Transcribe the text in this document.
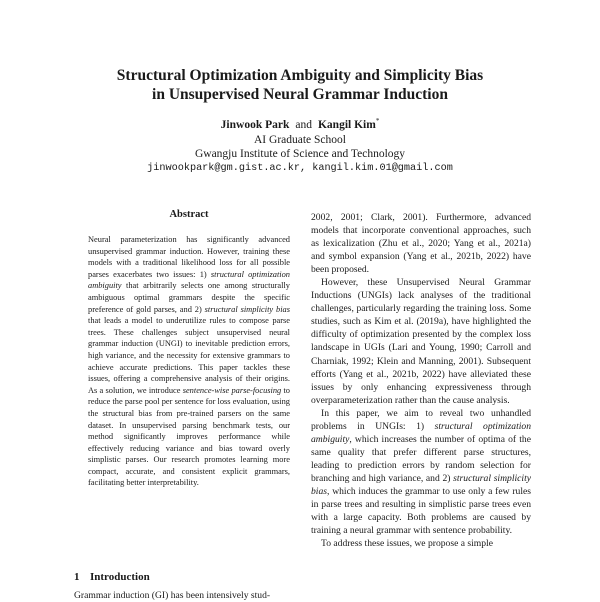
Structural Optimization Ambiguity and Simplicity Bias
in Unsupervised Neural Grammar Induction
Jinwook Park and Kangil Kim*
AI Graduate School
Gwangju Institute of Science and Technology
jinwookpark@gm.gist.ac.kr, kangil.kim.01@gmail.com
Abstract

Neural parameterization has significantly advanced unsupervised grammar induction. However, training these models with a traditional likelihood loss for all possible parses exacerbates two issues: 1) structural optimization ambiguity that arbitrarily selects one among structurally ambiguous optimal grammars despite the specific preference of gold parses, and 2) structural simplicity bias that leads a model to underutilize rules to compose parse trees. These challenges subject unsupervised neural grammar induction (UNGI) to inevitable prediction errors, high variance, and the necessity for extensive grammars to achieve accurate predictions. This paper tackles these issues, offering a comprehensive analysis of their origins. As a solution, we introduce sentence-wise parse-focusing to reduce the parse pool per sentence for loss evaluation, using the structural bias from pre-trained parsers on the same dataset. In unsupervised parsing benchmark tests, our method significantly improves performance while effectively reducing variance and bias toward overly simplistic parses. Our research promotes learning more compact, accurate, and consistent explicit grammars, facilitating better interpretability.

1 Introduction
Grammar induction (GI) has been intensively stud-

2002, 2001; Clark, 2001). Furthermore, advanced models that incorporate conventional approaches, such as lexicalization (Zhu et al., 2020; Yang et al., 2021a) and symbol expansion (Yang et al., 2021b, 2022) have been proposed.

However, these Unsupervised Neural Grammar Inductions (UNGIs) lack analyses of the traditional challenges, particularly regarding the training loss. Some studies, such as Kim et al. (2019a), have highlighted the difficulty of optimization presented by the complex loss landscape in UGIs (Lari and Young, 1990; Carroll and Charniak, 1992; Klein and Manning, 2001). Subsequent efforts (Yang et al., 2021b, 2022) have alleviated these issues by only enhancing expressiveness through overparameterization rather than the cause analysis.

In this paper, we aim to reveal two unhandled problems in UNGIs: 1) structural optimization ambiguity, which increases the number of optima of the same quality that prefer different parse structures, leading to prediction errors by random selection for branching and high variance, and 2) structural simplicity bias, which induces the grammar to use only a few rules in parse trees and resulting in simplistic parse trees even with a large capacity. Both problems are caused by training a neural grammar with sentence probability.

To address these issues, we propose a simple
